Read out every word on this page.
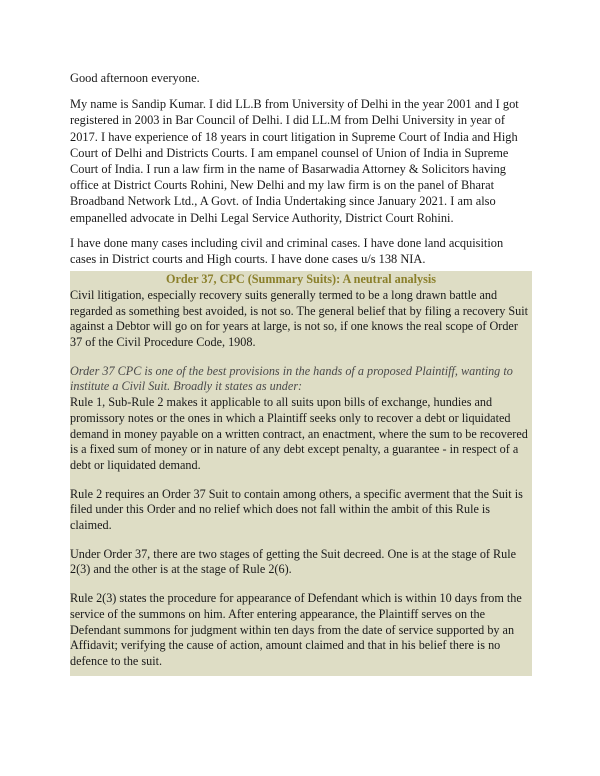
Good afternoon everyone.

My name is Sandip Kumar. I did LL.B from University of Delhi in the year 2001 and I got registered in 2003 in Bar Council of Delhi. I did LL.M from Delhi University in year of 2017. I have experience of 18 years in court litigation in Supreme Court of India and High Court of Delhi and Districts Courts. I am empanel counsel of Union of India in Supreme Court of India. I run a law firm in the name of Basarwadia Attorney & Solicitors having office at District Courts Rohini, New Delhi and my law firm is on the panel of Bharat Broadband Network Ltd., A Govt. of India Undertaking since January 2021. I am also empanelled advocate in Delhi Legal Service Authority, District Court Rohini.

I have done many cases including civil and criminal cases. I have done land acquisition cases in District courts and High courts. I have done cases u/s 138 NIA.

Order 37, CPC (Summary Suits): A neutral analysis

Civil litigation, especially recovery suits generally termed to be a long drawn battle and regarded as something best avoided, is not so. The general belief that by filing a recovery Suit against a Debtor will go on for years at large, is not so, if one knows the real scope of Order 37 of the Civil Procedure Code, 1908.

Order 37 CPC is one of the best provisions in the hands of a proposed Plaintiff, wanting to institute a Civil Suit. Broadly it states as under:

Rule 1, Sub-Rule 2 makes it applicable to all suits upon bills of exchange, hundies and promissory notes or the ones in which a Plaintiff seeks only to recover a debt or liquidated demand in money payable on a written contract, an enactment, where the sum to be recovered is a fixed sum of money or in nature of any debt except penalty, a guarantee - in respect of a debt or liquidated demand.

Rule 2 requires an Order 37 Suit to contain among others, a specific averment that the Suit is filed under this Order and no relief which does not fall within the ambit of this Rule is claimed.

Under Order 37, there are two stages of getting the Suit decreed. One is at the stage of Rule 2(3) and the other is at the stage of Rule 2(6).

Rule 2(3) states the procedure for appearance of Defendant which is within 10 days from the service of the summons on him. After entering appearance, the Plaintiff serves on the Defendant summons for judgment within ten days from the date of service supported by an Affidavit; verifying the cause of action, amount claimed and that in his belief there is no defence to the suit.
